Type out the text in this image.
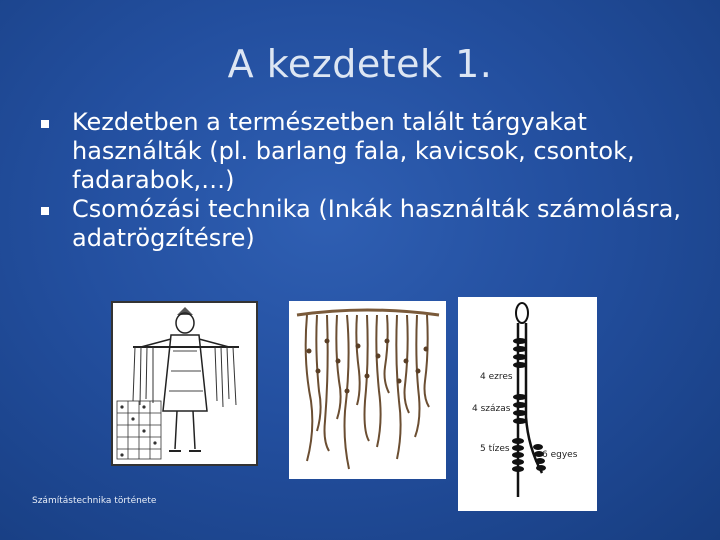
A kezdetek 1.
Kezdetben a természetben talált tárgyakat használták (pl. barlang fala, kavicsok, csontok, fadarabok,…)
Csomózási technika (Inkák használták számolásra, adatrögzítésre)
4 ezres
4 százas
5 tízes
6 egyes
Számítástechnika története
